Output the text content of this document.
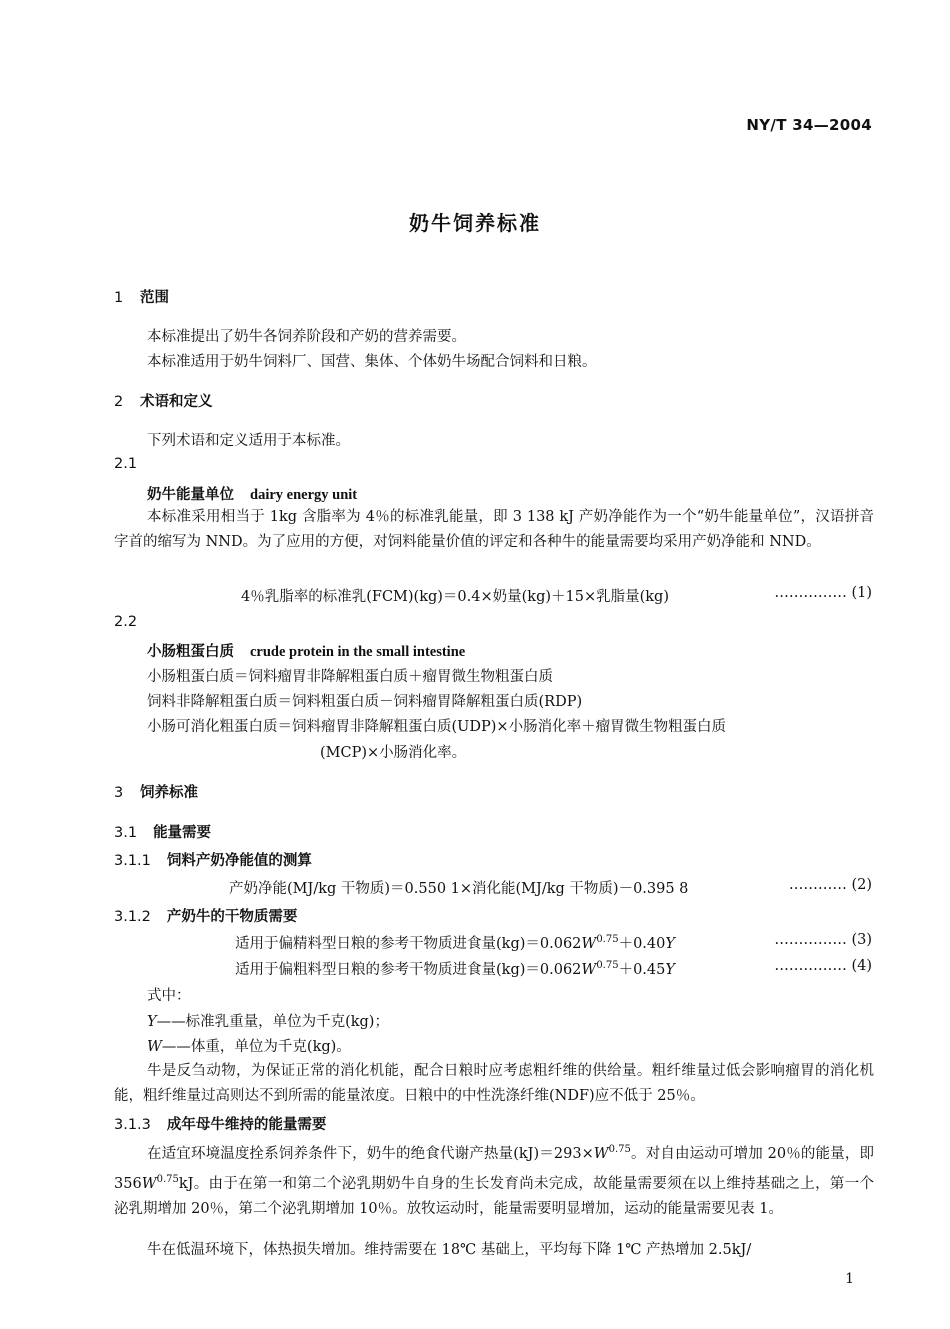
NY/T 34—2004
奶牛饲养标准
1 范围
本标准提出了奶牛各饲养阶段和产奶的营养需要。
本标准适用于奶牛饲料厂、国营、集体、个体奶牛场配合饲料和日粮。
2 术语和定义
下列术语和定义适用于本标准。
2.1
奶牛能量单位 dairy energy unit
本标准采用相当于 1kg 含脂率为 4％的标准乳能量，即 3 138 kJ 产奶净能作为一个“奶牛能量单位”，汉语拼音字首的缩写为 NND。为了应用的方便，对饲料能量价值的评定和各种牛的能量需要均采用产奶净能和 NND。
4％乳脂率的标准乳(FCM)(kg)＝0.4×奶量(kg)＋15×乳脂量(kg)	…………… (1)
2.2
小肠粗蛋白质 crude protein in the small intestine
小肠粗蛋白质＝饲料瘤胃非降解粗蛋白质＋瘤胃微生物粗蛋白质
饲料非降解粗蛋白质＝饲料粗蛋白质－饲料瘤胃降解粗蛋白质(RDP)
小肠可消化粗蛋白质＝饲料瘤胃非降解粗蛋白质(UDP)×小肠消化率＋瘤胃微生物粗蛋白质
(MCP)×小肠消化率。
3 饲养标准
3.1 能量需要
3.1.1 饲料产奶净能值的测算
产奶净能(MJ/kg 干物质)＝0.550 1×消化能(MJ/kg 干物质)－0.395 8	………… (2)
3.1.2 产奶牛的干物质需要
适用于偏精料型日粮的参考干物质进食量$(kg)=0.062W^{0.75}+0.40Y$	…………… (3)
适用于偏粗料型日粮的参考干物质进食量$(kg)=0.062W^{0.75}+0.45Y$	…………… (4)
式中：
Y——标准乳重量，单位为千克(kg)；
W——体重，单位为千克(kg)。
牛是反刍动物，为保证正常的消化机能，配合日粮时应考虑粗纤维的供给量。粗纤维量过低会影响瘤胃的消化机能，粗纤维量过高则达不到所需的能量浓度。日粮中的中性洗涤纤维(NDF)应不低于 25％。
3.1.3 成年母牛维持的能量需要
在适宜环境温度拴系饲养条件下，奶牛的绝食代谢产热量$(kJ)=293\times W^{0.75}$。对自由运动可增加 20％的能量，即 $356W^{0.75}kJ$。由于在第一和第二个泌乳期奶牛自身的生长发育尚未完成，故能量需要须在以上维持基础之上，第一个泌乳期增加 20％，第二个泌乳期增加 10％。放牧运动时，能量需要明显增加，运动的能量需要见表 1。
牛在低温环境下，体热损失增加。维持需要在 18℃ 基础上，平均每下降 1℃ 产热增加 2.5kJ/
1
